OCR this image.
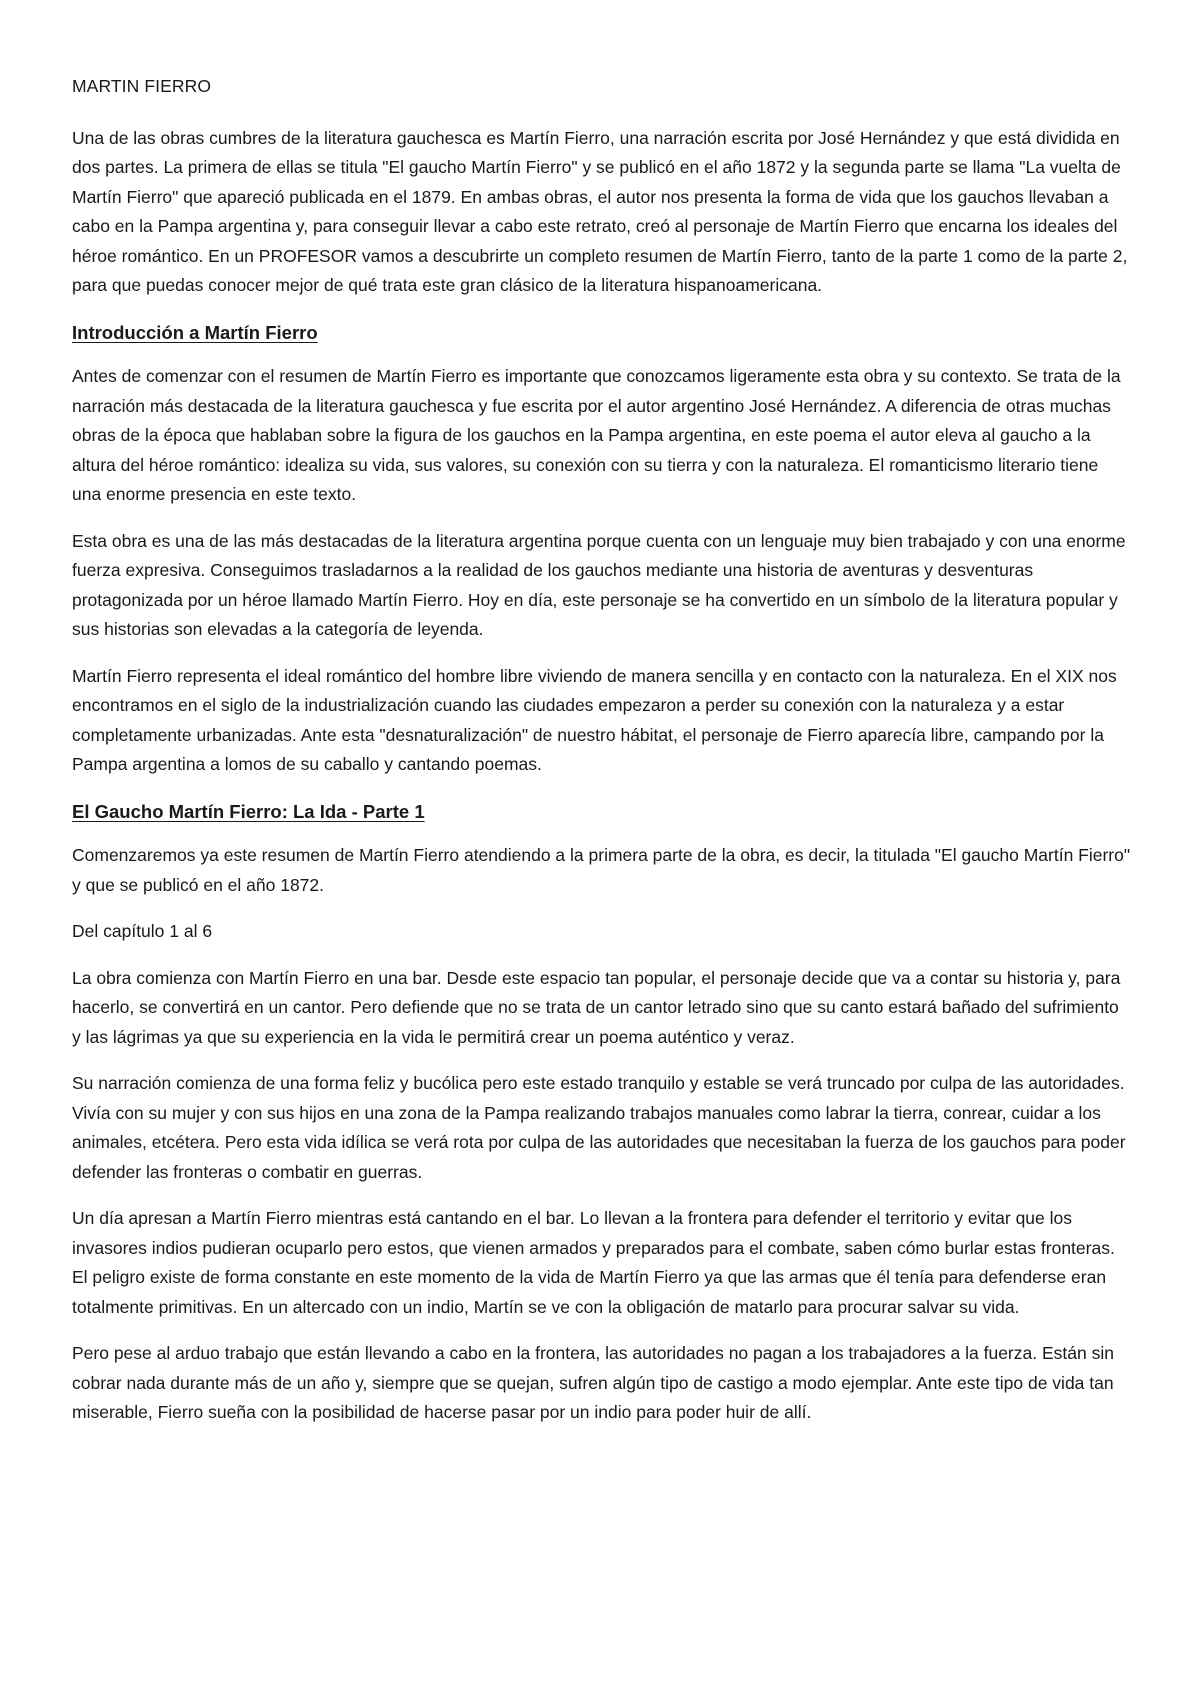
MARTIN FIERRO

Una de las obras cumbres de la literatura gauchesca es Martín Fierro, una narración escrita por José Hernández y que está dividida en dos partes. La primera de ellas se titula "El gaucho Martín Fierro" y se publicó en el año 1872 y la segunda parte se llama "La vuelta de Martín Fierro" que apareció publicada en el 1879. En ambas obras, el autor nos presenta la forma de vida que los gauchos llevaban a cabo en la Pampa argentina y, para conseguir llevar a cabo este retrato, creó al personaje de Martín Fierro que encarna los ideales del héroe romántico. En un PROFESOR vamos a descubrirte un completo resumen de Martín Fierro, tanto de la parte 1 como de la parte 2, para que puedas conocer mejor de qué trata este gran clásico de la literatura hispanoamericana.

Introducción a Martín Fierro

Antes de comenzar con el resumen de Martín Fierro es importante que conozcamos ligeramente esta obra y su contexto. Se trata de la narración más destacada de la literatura gauchesca y fue escrita por el autor argentino José Hernández. A diferencia de otras muchas obras de la época que hablaban sobre la figura de los gauchos en la Pampa argentina, en este poema el autor eleva al gaucho a la altura del héroe romántico: idealiza su vida, sus valores, su conexión con su tierra y con la naturaleza. El romanticismo literario tiene una enorme presencia en este texto.

Esta obra es una de las más destacadas de la literatura argentina porque cuenta con un lenguaje muy bien trabajado y con una enorme fuerza expresiva. Conseguimos trasladarnos a la realidad de los gauchos mediante una historia de aventuras y desventuras protagonizada por un héroe llamado Martín Fierro. Hoy en día, este personaje se ha convertido en un símbolo de la literatura popular y sus historias son elevadas a la categoría de leyenda.

Martín Fierro representa el ideal romántico del hombre libre viviendo de manera sencilla y en contacto con la naturaleza. En el XIX nos encontramos en el siglo de la industrialización cuando las ciudades empezaron a perder su conexión con la naturaleza y a estar completamente urbanizadas. Ante esta "desnaturalización" de nuestro hábitat, el personaje de Fierro aparecía libre, campando por la Pampa argentina a lomos de su caballo y cantando poemas.

El Gaucho Martín Fierro: La Ida - Parte 1

Comenzaremos ya este resumen de Martín Fierro atendiendo a la primera parte de la obra, es decir, la titulada "El gaucho Martín Fierro" y que se publicó en el año 1872.

Del capítulo 1 al 6

La obra comienza con Martín Fierro en una bar. Desde este espacio tan popular, el personaje decide que va a contar su historia y, para hacerlo, se convertirá en un cantor. Pero defiende que no se trata de un cantor letrado sino que su canto estará bañado del sufrimiento y las lágrimas ya que su experiencia en la vida le permitirá crear un poema auténtico y veraz.

Su narración comienza de una forma feliz y bucólica pero este estado tranquilo y estable se verá truncado por culpa de las autoridades. Vivía con su mujer y con sus hijos en una zona de la Pampa realizando trabajos manuales como labrar la tierra, conrear, cuidar a los animales, etcétera. Pero esta vida idílica se verá rota por culpa de las autoridades que necesitaban la fuerza de los gauchos para poder defender las fronteras o combatir en guerras.

Un día apresan a Martín Fierro mientras está cantando en el bar. Lo llevan a la frontera para defender el territorio y evitar que los invasores indios pudieran ocuparlo pero estos, que vienen armados y preparados para el combate, saben cómo burlar estas fronteras. El peligro existe de forma constante en este momento de la vida de Martín Fierro ya que las armas que él tenía para defenderse eran totalmente primitivas. En un altercado con un indio, Martín se ve con la obligación de matarlo para procurar salvar su vida.

Pero pese al arduo trabajo que están llevando a cabo en la frontera, las autoridades no pagan a los trabajadores a la fuerza. Están sin cobrar nada durante más de un año y, siempre que se quejan, sufren algún tipo de castigo a modo ejemplar. Ante este tipo de vida tan miserable, Fierro sueña con la posibilidad de hacerse pasar por un indio para poder huir de allí.
